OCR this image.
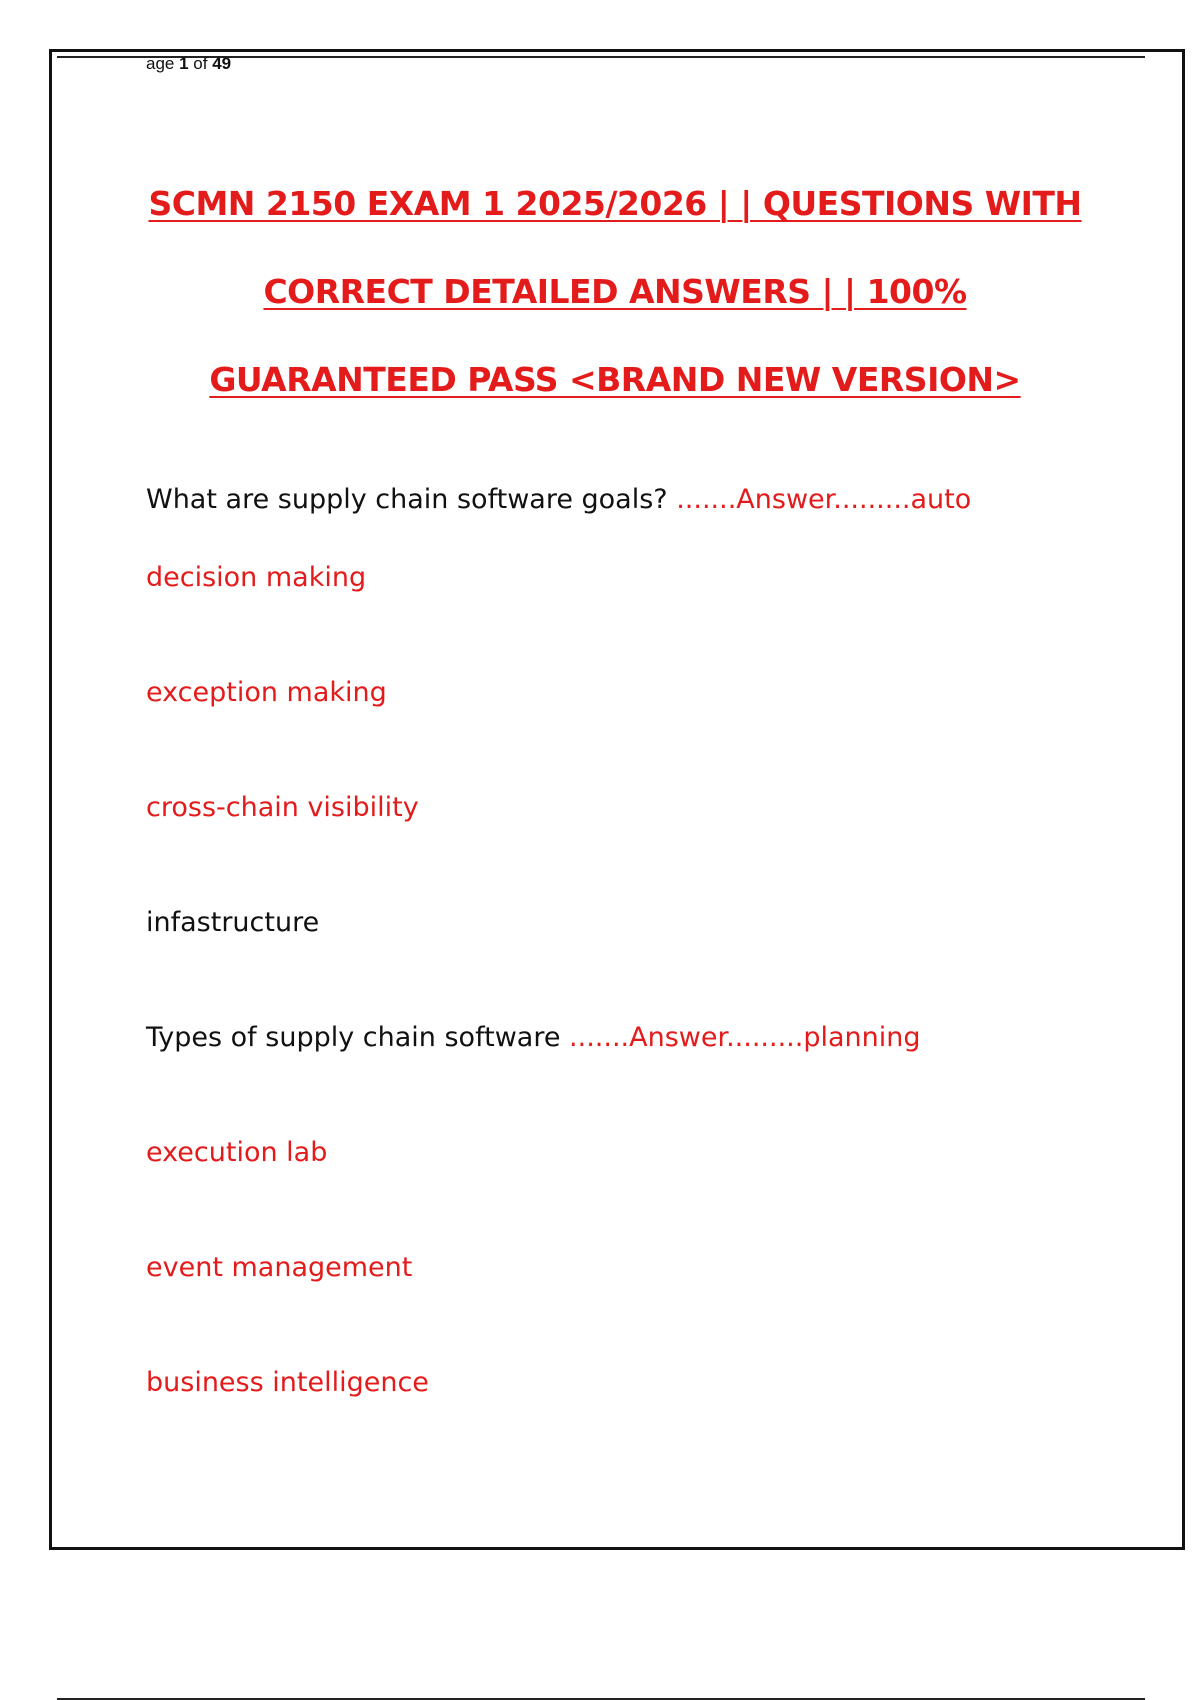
age 1 of 49
SCMN 2150 EXAM 1 2025/2026 | | QUESTIONS WITH
CORRECT DETAILED ANSWERS | | 100%
GUARANTEED PASS <BRAND NEW VERSION>
What are supply chain software goals? .......Answer.........auto
decision making
exception making
cross-chain visibility
infastructure
Types of supply chain software .......Answer.........planning
execution lab
event management
business intelligence
